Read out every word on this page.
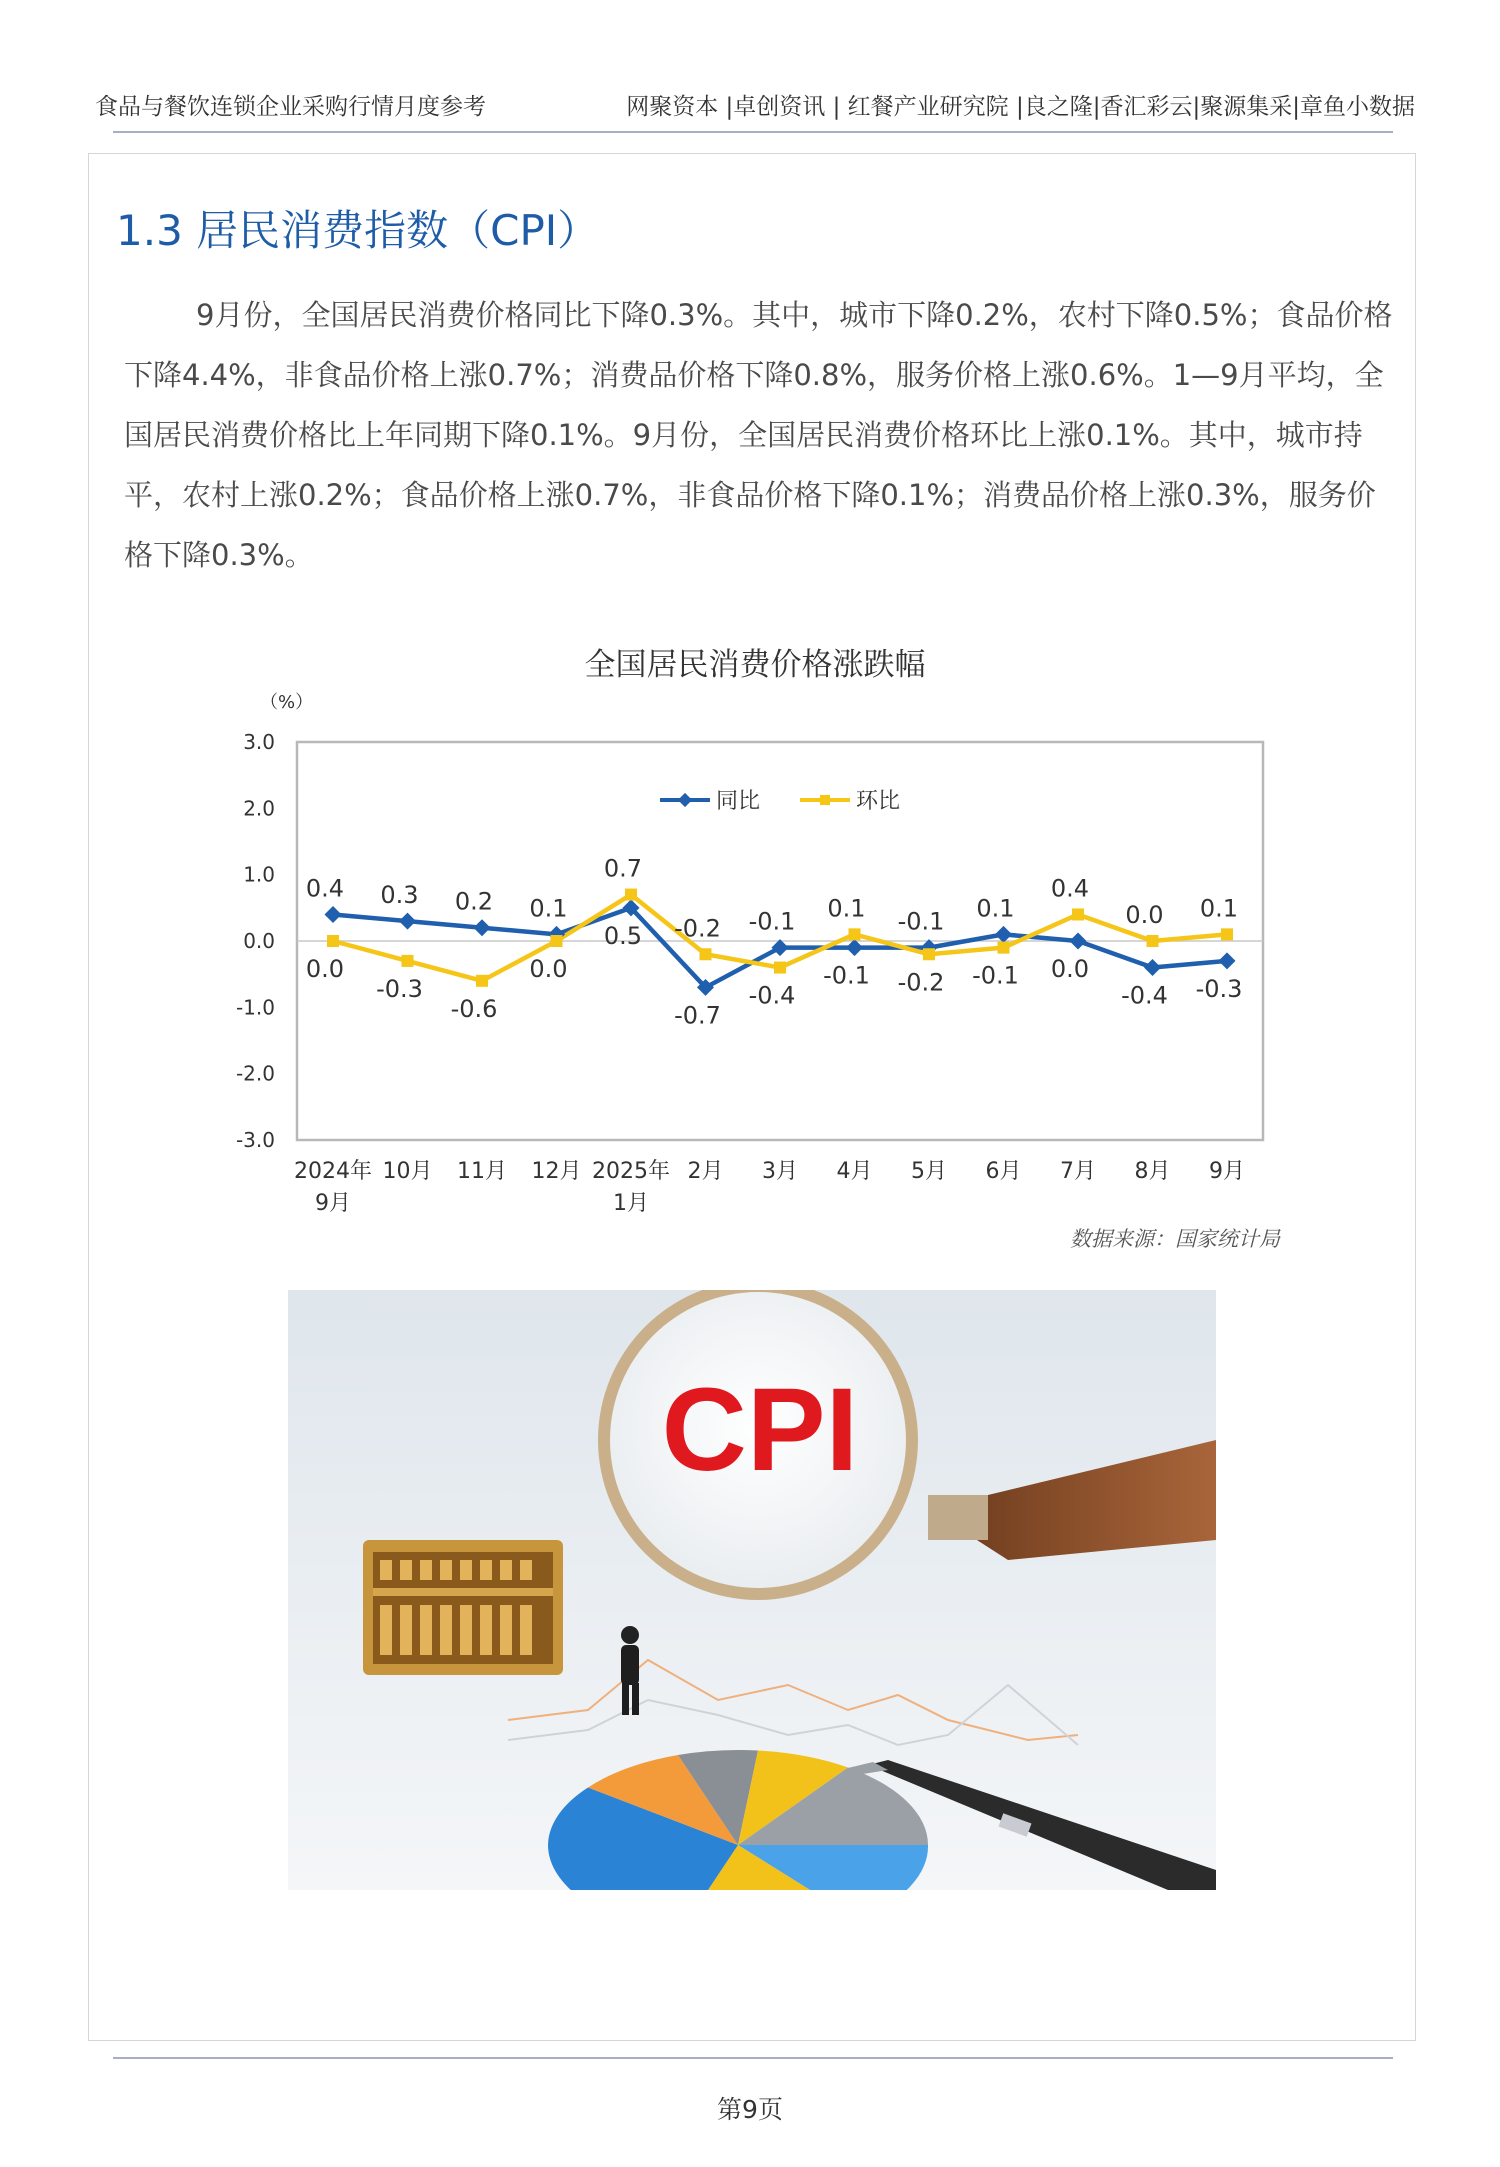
食品与餐饮连锁企业采购行情月度参考	网聚资本 |卓创资讯 | 红餐产业研究院 |良之隆|香汇彩云|聚源集采|章鱼小数据
1.3 居民消费指数（CPI）

9月份，全国居民消费价格同比下降0.3%。其中，城市下降0.2%，农村下降0.5%；食品价格下降4.4%，非食品价格上涨0.7%；消费品价格下降0.8%，服务价格上涨0.6%。1—9月平均，全国居民消费价格比上年同期下降0.1%。9月份，全国居民消费价格环比上涨0.1%。其中，城市持平，农村上涨0.2%；食品价格上涨0.7%，非食品价格下降0.1%；消费品价格上涨0.3%，服务价格下降0.3%。

全国居民消费价格涨跌幅
（%）
3.0
2.0
1.0
0.0
-1.0
-2.0
-3.0
2024年
9月
10月 11月 12月 2025年
1月
2月 3月 4月 5月 6月 7月 8月 9月
同比	环比
0.4
0.0
0.3
-0.3
0.2
-0.6
0.1
0.0
0.5
0.7
-0.7
-0.2 -0.1
-0.4
-0.1
0.1 -0.1
-0.2
0.1
-0.1 0.0
0.4
-0.4
0.0
-0.3
0.1
数据来源：国家统计局
CPI
第9页
